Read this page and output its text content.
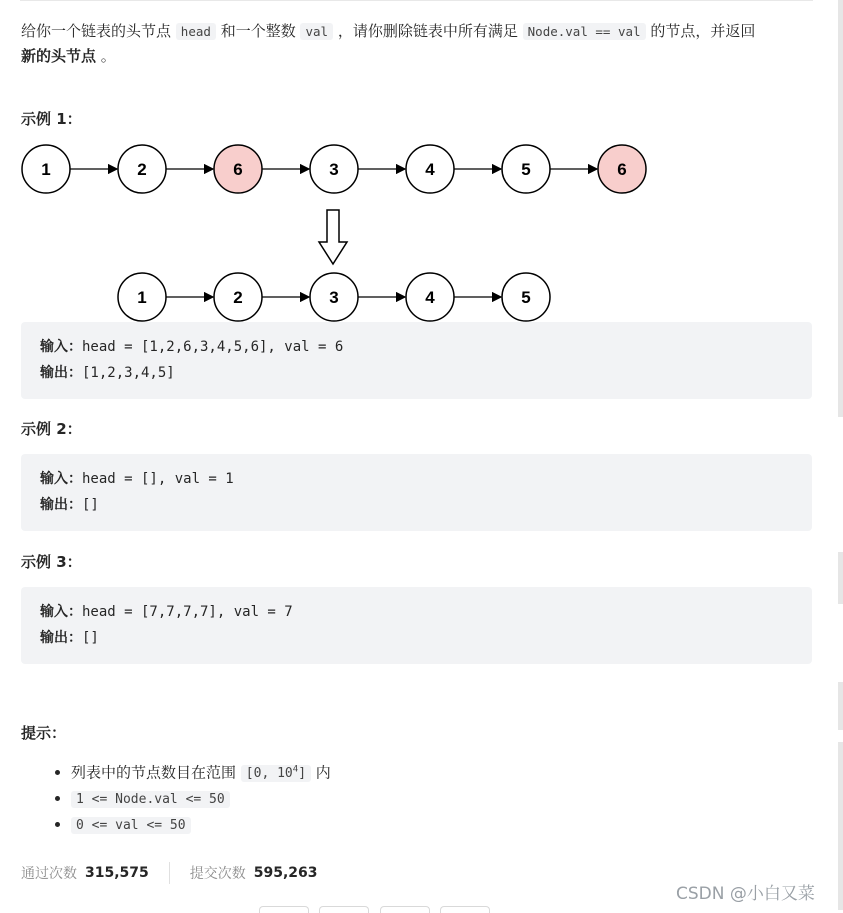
给你一个链表的头节点 head 和一个整数 val ，请你删除链表中所有满足 Node.val == val 的节点，并返回
新的头节点 。
示例 1：
1	2	6	3	4	5	6
1	2	3	4	5
输入：head = [1,2,6,3,4,5,6], val = 6
输出：[1,2,3,4,5]
示例 2：
输入：head = [], val = 1
输出：[]
示例 3：
输入：head = [7,7,7,7], val = 7
输出：[]
提示：
• 列表中的节点数目在范围 [0, $10^4$] 内
• 1 <= Node.val <= 50
• 0 <= val <= 50
通过次数 315,575	提交次数 595,263
CSDN @小白又菜
